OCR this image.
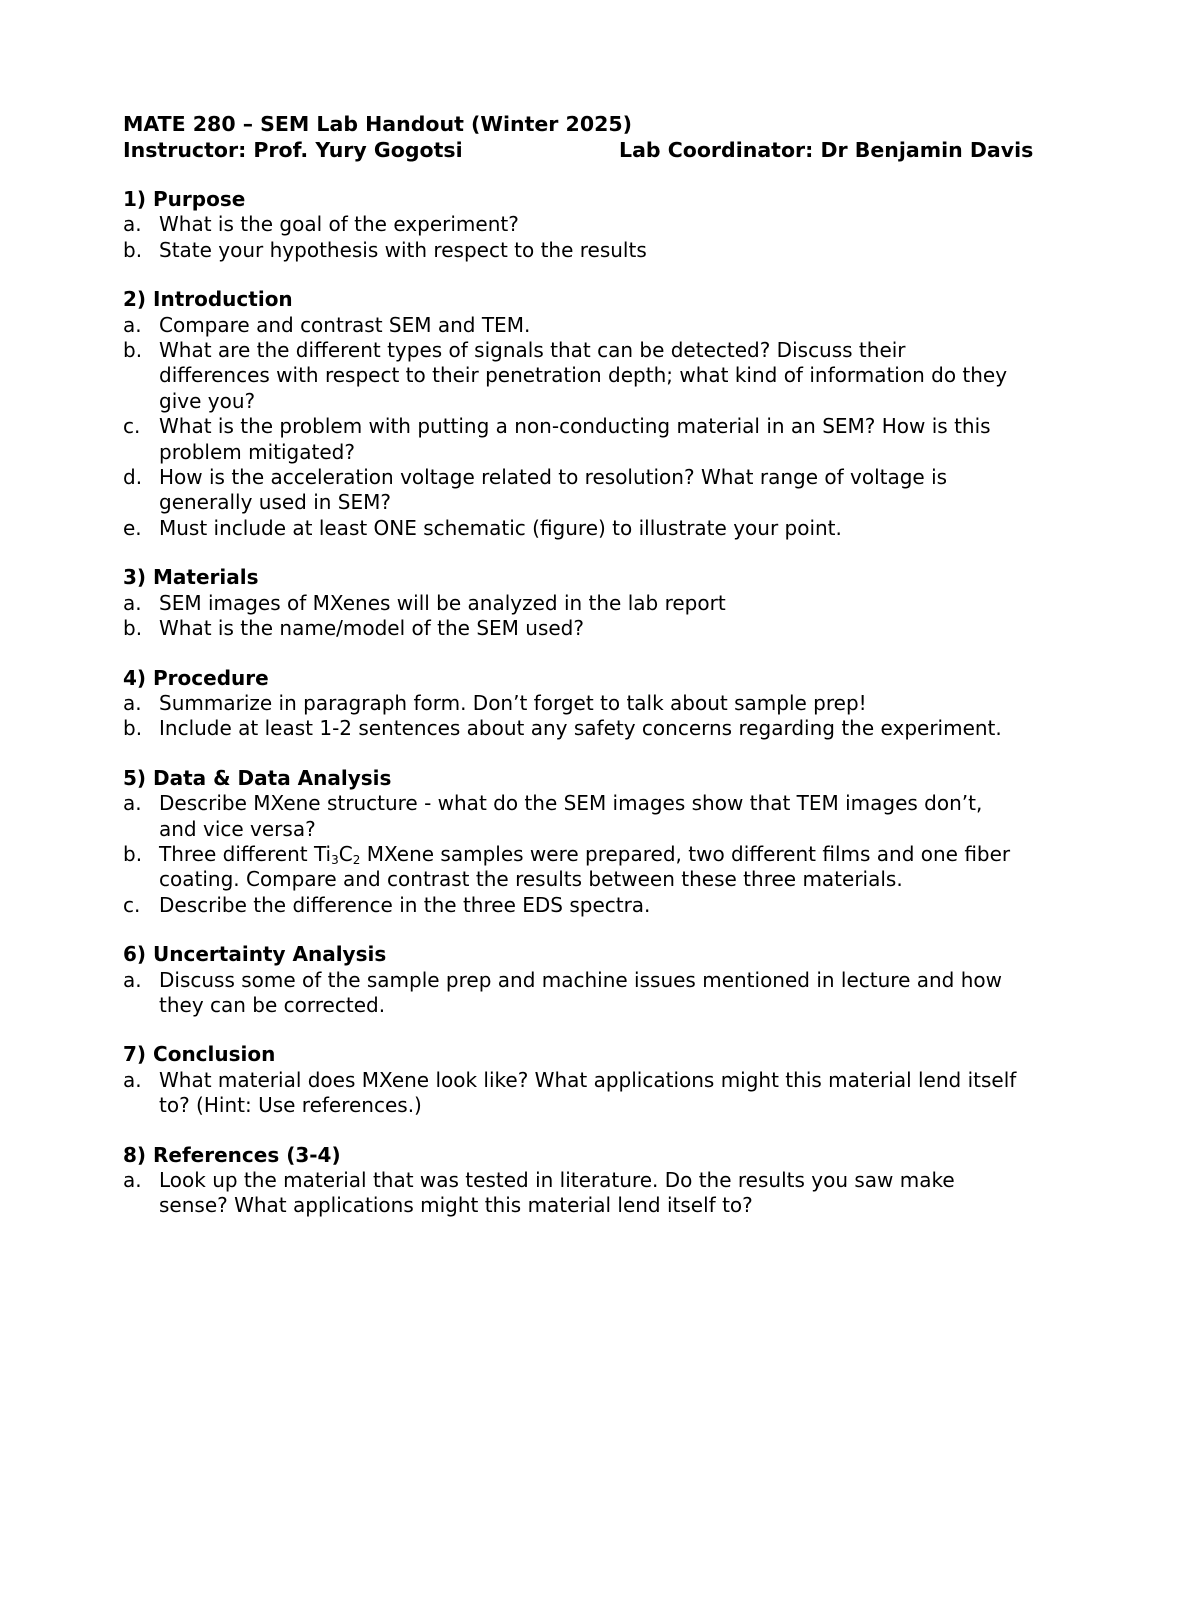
MATE 280 – SEM Lab Handout (Winter 2025)
Instructor: Prof. Yury Gogotsi	Lab Coordinator: Dr Benjamin Davis
1) Purpose
a. What is the goal of the experiment?
b. State your hypothesis with respect to the results
2) Introduction
a. Compare and contrast SEM and TEM.
b. What are the different types of signals that can be detected? Discuss their
differences with respect to their penetration depth; what kind of information do they
give you?
c. What is the problem with putting a non-conducting material in an SEM? How is this
problem mitigated?
d. How is the acceleration voltage related to resolution? What range of voltage is
generally used in SEM?
e. Must include at least ONE schematic (figure) to illustrate your point.
3) Materials
a. SEM images of MXenes will be analyzed in the lab report
b. What is the name/model of the SEM used?
4) Procedure
a. Summarize in paragraph form. Don’t forget to talk about sample prep!
b. Include at least 1-2 sentences about any safety concerns regarding the experiment.
5) Data & Data Analysis
a. Describe MXene structure - what do the SEM images show that TEM images don’t,
and vice versa?
b. Three different $Ti_3C_2$ MXene samples were prepared, two different films and one fiber
coating. Compare and contrast the results between these three materials.
c. Describe the difference in the three EDS spectra.
6) Uncertainty Analysis
a. Discuss some of the sample prep and machine issues mentioned in lecture and how
they can be corrected.
7) Conclusion
a. What material does MXene look like? What applications might this material lend itself
to? (Hint: Use references.)
8) References (3-4)
a. Look up the material that was tested in literature. Do the results you saw make
sense? What applications might this material lend itself to?
